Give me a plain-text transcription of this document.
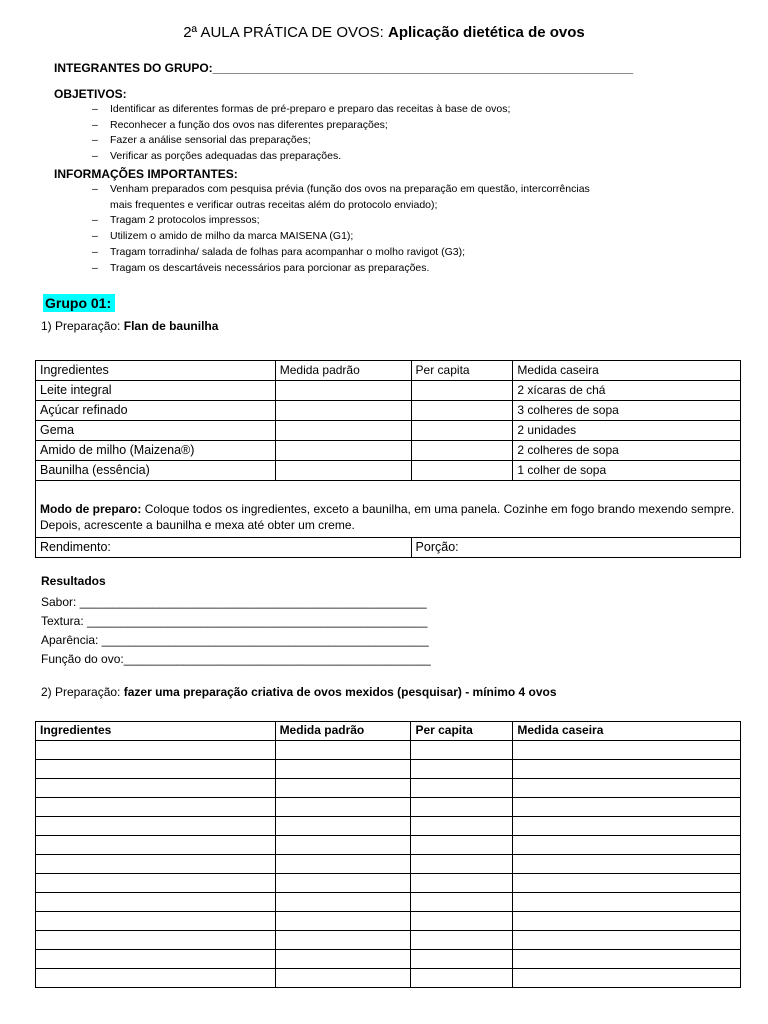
2ª AULA PRÁTICA DE OVOS: Aplicação dietética de ovos
INTEGRANTES DO GRUPO:_______________________________________________________________
OBJETIVOS:
– Identificar as diferentes formas de pré-preparo e preparo das receitas à base de ovos;
– Reconhecer a função dos ovos nas diferentes preparações;
– Fazer a análise sensorial das preparações;
– Verificar as porções adequadas das preparações.
INFORMAÇÕES IMPORTANTES:
– Venham preparados com pesquisa prévia (função dos ovos na preparação em questão, intercorrências
mais frequentes e verificar outras receitas além do protocolo enviado);
– Tragam 2 protocolos impressos;
– Utilizem o amido de milho da marca MAISENA (G1);
– Tragam torradinha/ salada de folhas para acompanhar o molho ravigot (G3);
– Tragam os descartáveis necessários para porcionar as preparações.
Grupo 01:
1) Preparação: Flan de baunilha
Ingredientes	Medida padrão	Per capita	Medida caseira
Leite integral			2 xícaras de chá
Açúcar refinado			3 colheres de sopa
Gema			2 unidades
Amido de milho (Maizena®)			2 colheres de sopa
Baunilha (essência)			1 colher de sopa
Modo de preparo: Coloque todos os ingredientes, exceto a baunilha, em uma panela. Cozinhe em fogo brando mexendo sempre. Depois, acrescente a baunilha e mexa até obter um creme.			
Rendimento:		Porção:	
Resultados
Sabor: ____________________________________________________
Textura: ___________________________________________________
Aparência: _________________________________________________
Função do ovo:______________________________________________
2) Preparação: fazer uma preparação criativa de ovos mexidos (pesquisar) - mínimo 4 ovos
Ingredientes	Medida padrão	Per capita	Medida caseira
